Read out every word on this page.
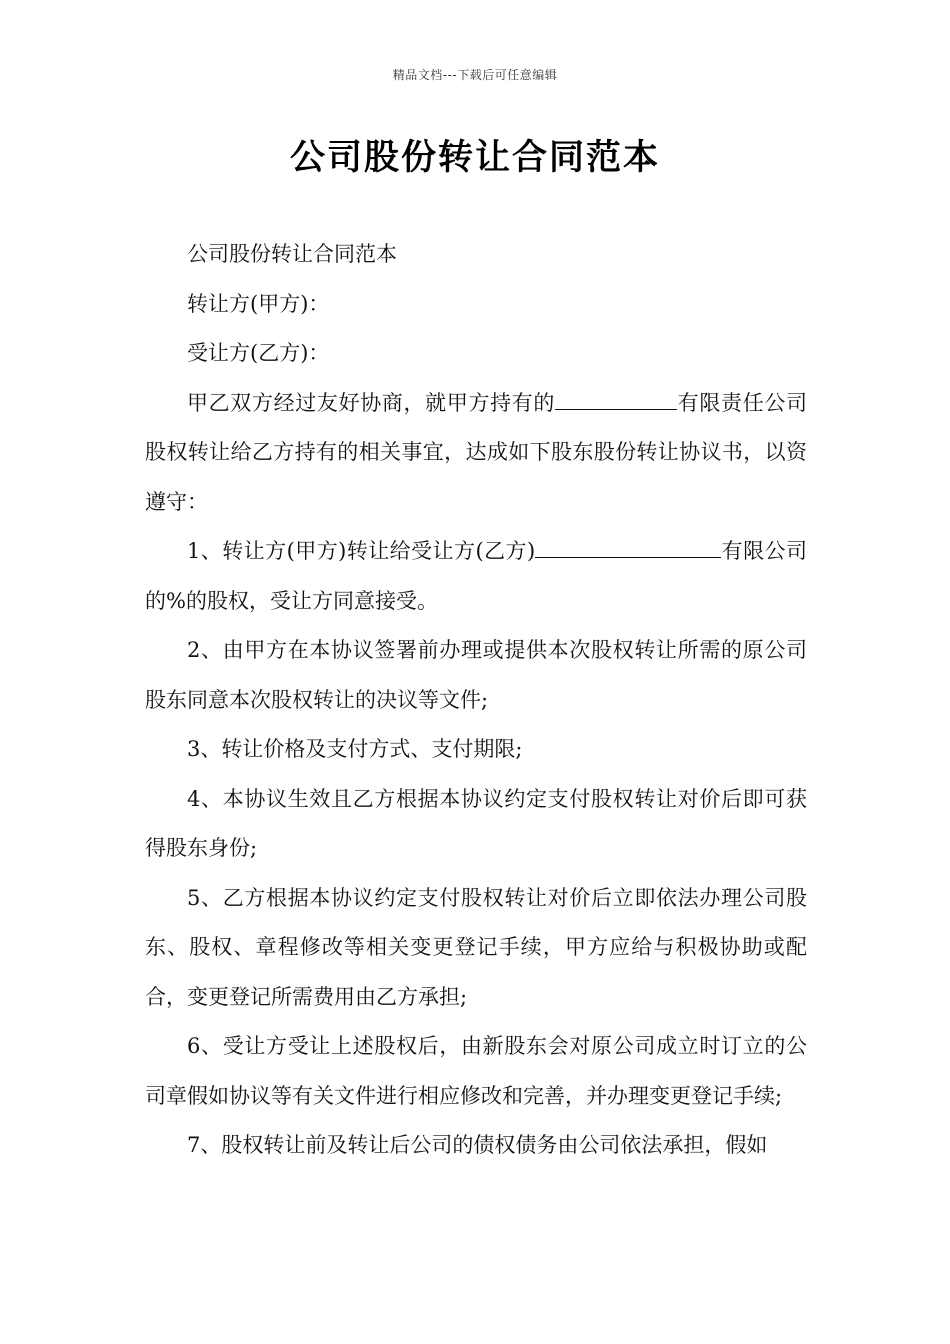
精品文档---下载后可任意编辑
公司股份转让合同范本

公司股份转让合同范本

转让方(甲方)：

受让方(乙方)：

甲乙双方经过友好协商，就甲方持有的	有限责任公司股权转让给乙方持有的相关事宜，达成如下股东股份转让协议书，以资遵守：

1、转让方(甲方)转让给受让方(乙方)	有限公司的%的股权，受让方同意接受。

2、由甲方在本协议签署前办理或提供本次股权转让所需的原公司股东同意本次股权转让的决议等文件;

3、转让价格及支付方式、支付期限;

4、本协议生效且乙方根据本协议约定支付股权转让对价后即可获得股东身份;

5、乙方根据本协议约定支付股权转让对价后立即依法办理公司股东、股权、章程修改等相关变更登记手续，甲方应给与积极协助或配合，变更登记所需费用由乙方承担;

6、受让方受让上述股权后，由新股东会对原公司成立时订立的公司章假如协议等有关文件进行相应修改和完善，并办理变更登记手续;

7、股权转让前及转让后公司的债权债务由公司依法承担，假如
